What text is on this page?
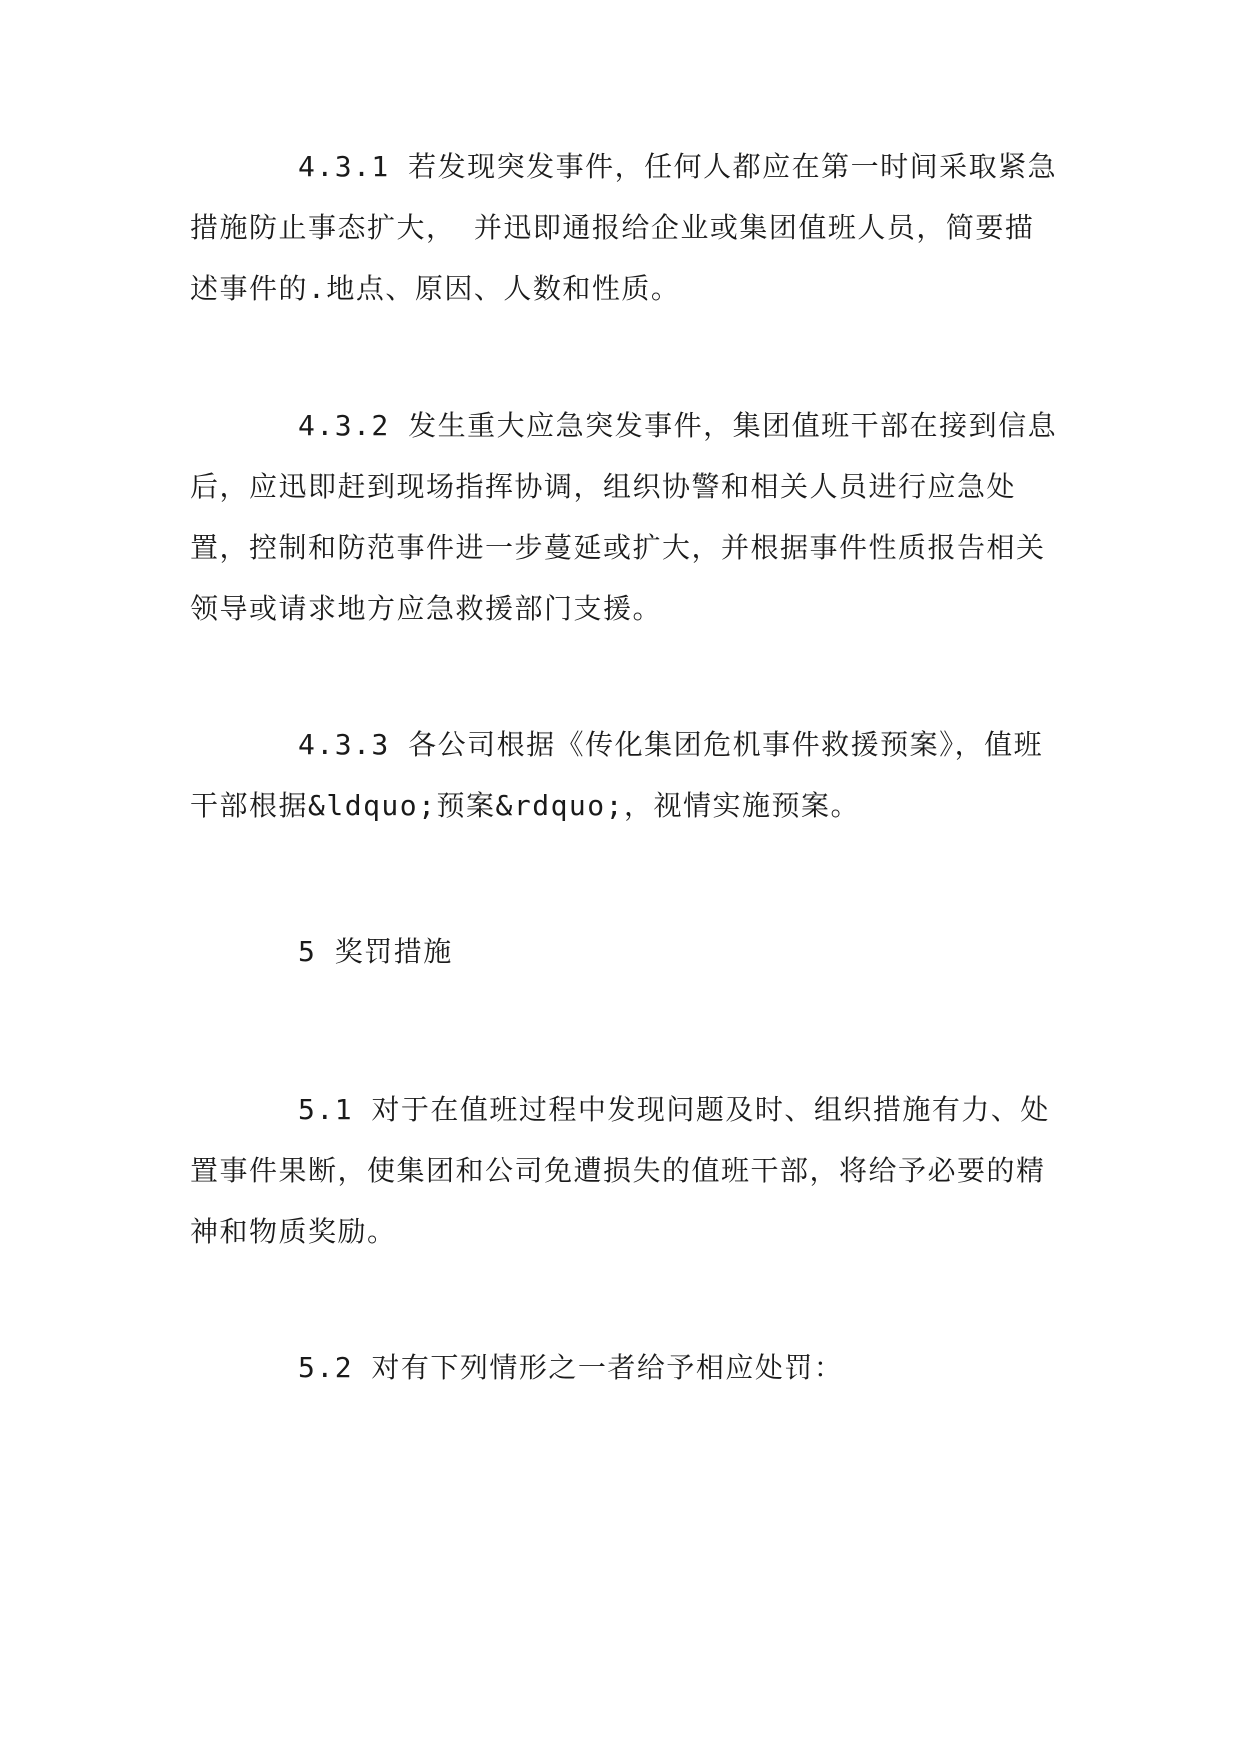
4.3.1 若发现突发事件，任何人都应在第一时间采取紧急措施防止事态扩大， 并迅即通报给企业或集团值班人员，简要描述事件的.地点、原因、人数和性质。

4.3.2 发生重大应急突发事件，集团值班干部在接到信息后，应迅即赶到现场指挥协调，组织协警和相关人员进行应急处置，控制和防范事件进一步蔓延或扩大，并根据事件性质报告相关领导或请求地方应急救援部门支援。

4.3.3 各公司根据《传化集团危机事件救援预案》，值班干部根据&ldquo;预案&rdquo;，视情实施预案。

5 奖罚措施

5.1 对于在值班过程中发现问题及时、组织措施有力、处置事件果断，使集团和公司免遭损失的值班干部，将给予必要的精神和物质奖励。

5.2 对有下列情形之一者给予相应处罚：
